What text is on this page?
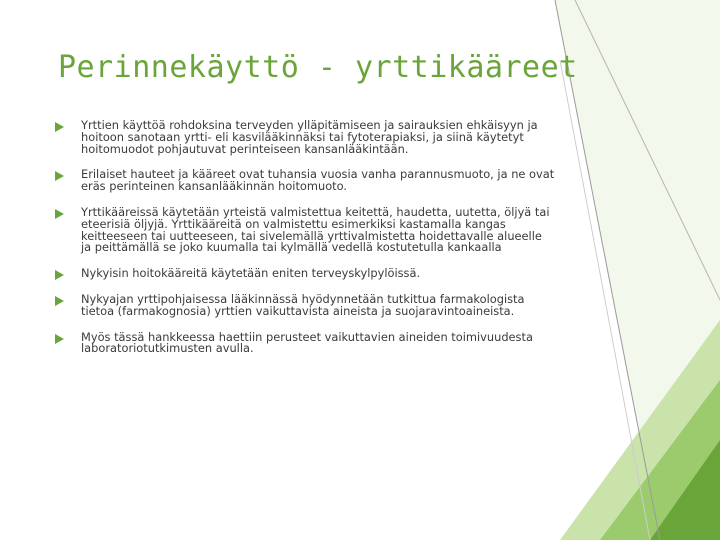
Perinnekäyttö - yrttikääreet
Yrttien käyttöä rohdoksina terveyden ylläpitämiseen ja sairauksien ehkäisyyn ja hoitoon sanotaan yrtti- eli kasvilääkinnäksi tai fytoterapiaksi, ja siinä käytetyt hoitomuodot pohjautuvat perinteiseen kansanlääkintään.
Erilaiset hauteet ja kääreet ovat tuhansia vuosia vanha parannusmuoto, ja ne ovat eräs perinteinen kansanlääkinnän hoitomuoto.
Yrttikääreissä käytetään yrteistä valmistettua keitettä, haudetta, uutetta, öljyä tai eteerisiä öljyjä. Yrttikääreitä on valmistettu esimerkiksi kastamalla kangas keitteeseen tai uutteeseen, tai sivelemällä yrttivalmistetta hoidettavalle alueelle ja peittämällä se joko kuumalla tai kylmällä vedellä kostutetulla kankaalla
Nykyisin hoitokääreitä käytetään eniten terveyskylpylöissä.
Nykyajan yrttipohjaisessa lääkinnässä hyödynnetään tutkittua farmakologista tietoa (farmakognosia) yrttien vaikuttavista aineista ja suojaravintoaineista.
Myös tässä hankkeessa haettiin perusteet vaikuttavien aineiden toimivuudesta laboratoriotutkimusten avulla.
